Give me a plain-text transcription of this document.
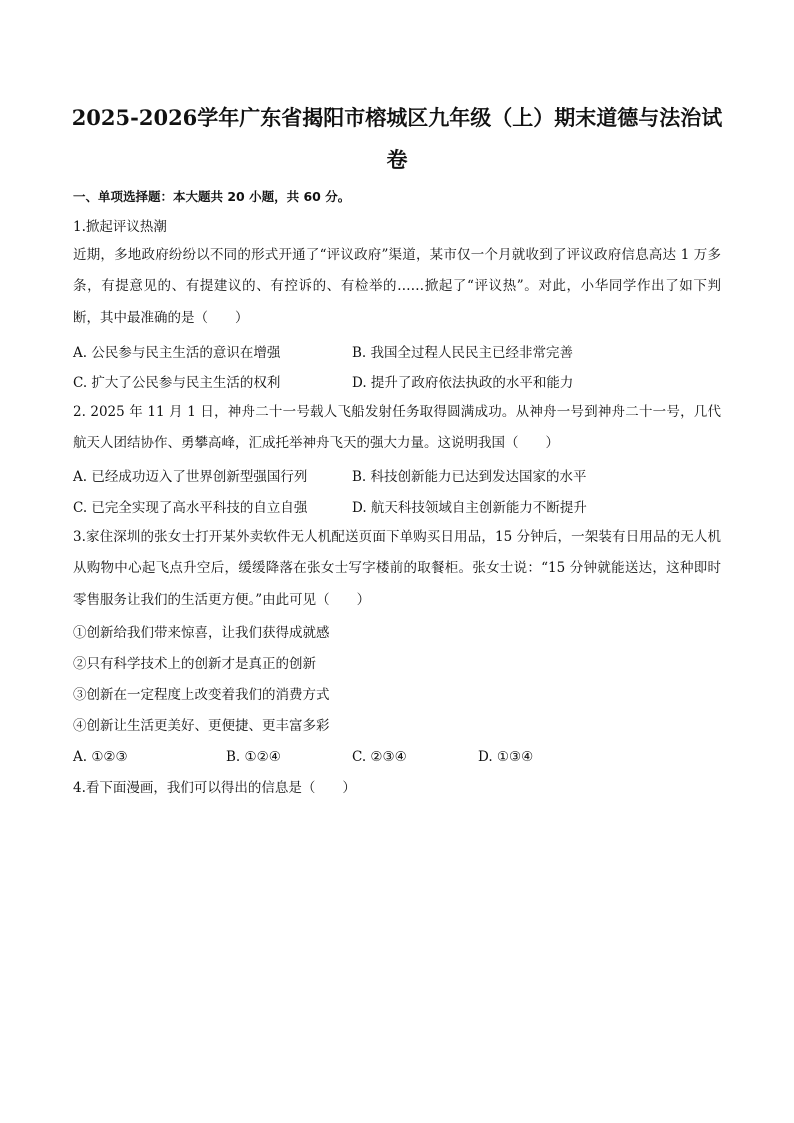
2025-2026学年广东省揭阳市榕城区九年级（上）期末道德与法治试
卷
一、单项选择题：本大题共 20 小题，共 60 分。
1.掀起评议热潮
近期，多地政府纷纷以不同的形式开通了“评议政府”渠道，某市仅一个月就收到了评议政府信息高达 1 万多条，有提意见的、有提建议的、有控诉的、有检举的……掀起了“评议热”。对此，小华同学作出了如下判断，其中最准确的是（　　）
A. 公民参与民主生活的意识在增强	B. 我国全过程人民民主已经非常完善
C. 扩大了公民参与民主生活的权利	D. 提升了政府依法执政的水平和能力
2. 2025 年 11 月 1 日，神舟二十一号载人飞船发射任务取得圆满成功。从神舟一号到神舟二十一号，几代航天人团结协作、勇攀高峰，汇成托举神舟飞天的强大力量。这说明我国（　　）
A. 已经成功迈入了世界创新型强国行列	B. 科技创新能力已达到发达国家的水平
C. 已完全实现了高水平科技的自立自强	D. 航天科技领域自主创新能力不断提升
3.家住深圳的张女士打开某外卖软件无人机配送页面下单购买日用品，15 分钟后，一架装有日用品的无人机从购物中心起飞点升空后，缓缓降落在张女士写字楼前的取餐柜。张女士说：“15 分钟就能送达，这种即时零售服务让我们的生活更方便。”由此可见（　　）
①创新给我们带来惊喜，让我们获得成就感
②只有科学技术上的创新才是真正的创新
③创新在一定程度上改变着我们的消费方式
④创新让生活更美好、更便捷、更丰富多彩
A. ①②③	B. ①②④	C. ②③④	D. ①③④
4.看下面漫画，我们可以得出的信息是（　　）
